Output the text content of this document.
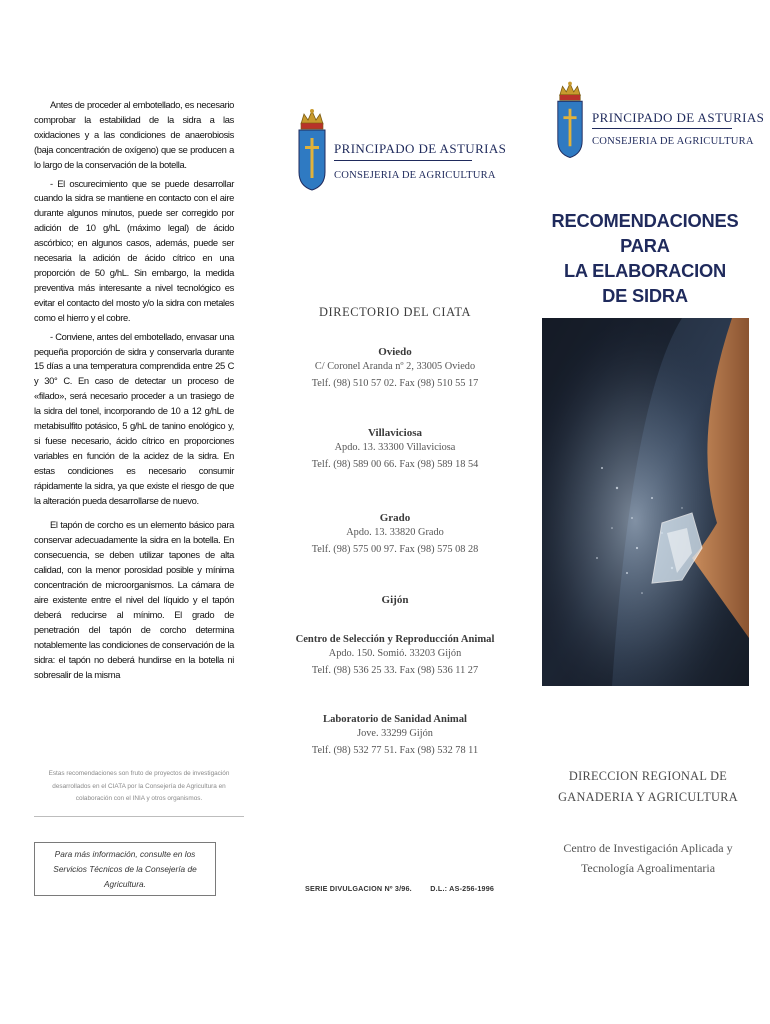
Antes de proceder al embotellado, es necesario comprobar la estabilidad de la sidra a las oxidaciones y a las condiciones de anaerobiosis (baja concentración de oxígeno) que se producen a lo largo de la conservación de la botella.

- El oscurecimiento que se puede desarrollar cuando la sidra se mantiene en contacto con el aire durante algunos minutos, puede ser corregido por adición de 10 g/hL (máximo legal) de ácido ascórbico; en algunos casos, además, puede ser necesaria la adición de ácido cítrico en una proporción de 50 g/hL. Sin embargo, la medida preventiva más interesante a nivel tecnológico es evitar el contacto del mosto y/o la sidra con metales como el hierro y el cobre.

- Conviene, antes del embotellado, envasar una pequeña proporción de sidra y conservarla durante 15 días a una temperatura comprendida entre 25 C y 30° C. En caso de detectar un proceso de «filado», será necesario proceder a un trasiego de la sidra del tonel, incorporando de 10 a 12 g/hL de metabisulfito potásico, 5 g/hL de tanino enológico y, si fuese necesario, ácido cítrico en proporciones variables en función de la acidez de la sidra. En estas condiciones es necesario consumir rápidamente la sidra, ya que existe el riesgo de que la alteración pueda desarrollarse de nuevo.

El tapón de corcho es un elemento básico para conservar adecuadamente la sidra en la botella. En consecuencia, se deben utilizar tapones de alta calidad, con la menor porosidad posible y mínima concentración de microorganismos. La cámara de aire existente entre el nivel del líquido y el tapón deberá reducirse al mínimo. El grado de penetración del tapón de corcho determina notablemente las condiciones de conservación de la sidra: el tapón no deberá hundirse en la botella ni sobresalir de la misma

Estas recomendaciones son fruto de proyectos de investigación desarrollados en el CIATA por la Consejería de Agricultura en colaboración con el INIA y otros organismos.
Para más información, consulte en los Servicios Técnicos de la Consejería de Agricultura.
PRINCIPADO DE ASTURIAS
CONSEJERIA DE AGRICULTURA
DIRECTORIO DEL CIATA
Oviedo
C/ Coronel Aranda nº 2, 33005 Oviedo
Telf. (98) 510 57 02. Fax (98) 510 55 17
Villaviciosa
Apdo. 13. 33300 Villaviciosa
Telf. (98) 589 00 66. Fax (98) 589 18 54
Grado
Apdo. 13. 33820 Grado
Telf. (98) 575 00 97. Fax (98) 575 08 28
Gijón
Centro de Selección y Reproducción Animal
Apdo. 150. Somió. 33203 Gijón
Telf. (98) 536 25 33. Fax (98) 536 11 27
Laboratorio de Sanidad Animal
Jove. 33299 Gijón
Telf. (98) 532 77 51. Fax (98) 532 78 11
SERIE DIVULGACION Nº 3/96.	D.L.: AS-256-1996
PRINCIPADO DE ASTURIAS
CONSEJERIA DE AGRICULTURA
RECOMENDACIONES PARA
LA ELABORACION
DE SIDRA
DIRECCION REGIONAL DE
GANADERIA Y AGRICULTURA
Centro de Investigación Aplicada y
Tecnología Agroalimentaria
